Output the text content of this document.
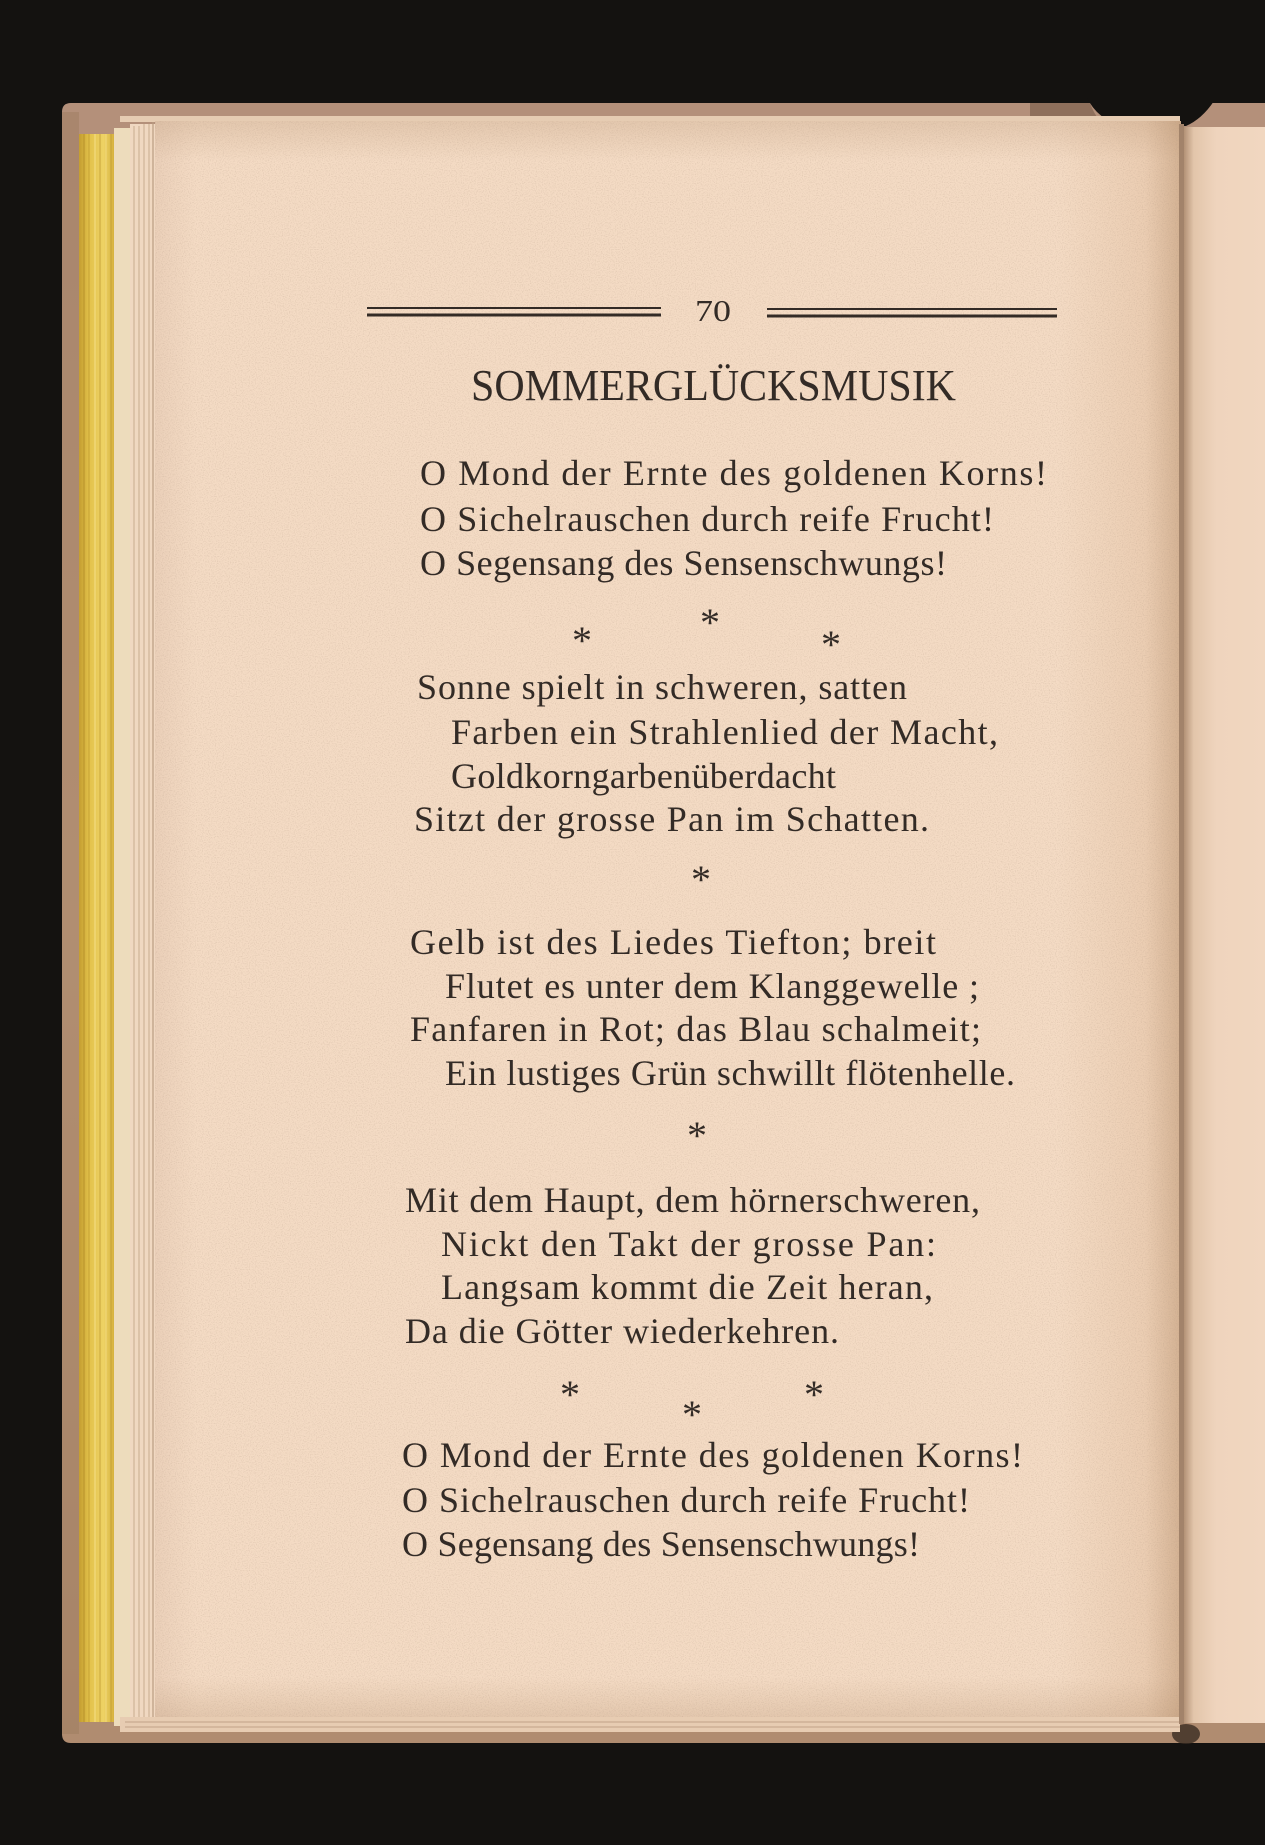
70
SOMMERGLÜCKSMUSIK
O Mond der Ernte des goldenen Korns!
O Sichelrauschen durch reife Frucht!
O Segensang des Sensenschwungs!
*	*	*
Sonne spielt in schweren, satten
Farben ein Strahlenlied der Macht,
Goldkorngarbenüberdacht
Sitzt der grosse Pan im Schatten.
*
Gelb ist des Liedes Tiefton; breit
Flutet es unter dem Klanggewelle ;
Fanfaren in Rot; das Blau schalmeit;
Ein lustiges Grün schwillt flötenhelle.
*
Mit dem Haupt, dem hörnerschweren,
Nickt den Takt der grosse Pan:
Langsam kommt die Zeit heran,
Da die Götter wiederkehren.
*	*	*
O Mond der Ernte des goldenen Korns!
O Sichelrauschen durch reife Frucht!
O Segensang des Sensenschwungs!
